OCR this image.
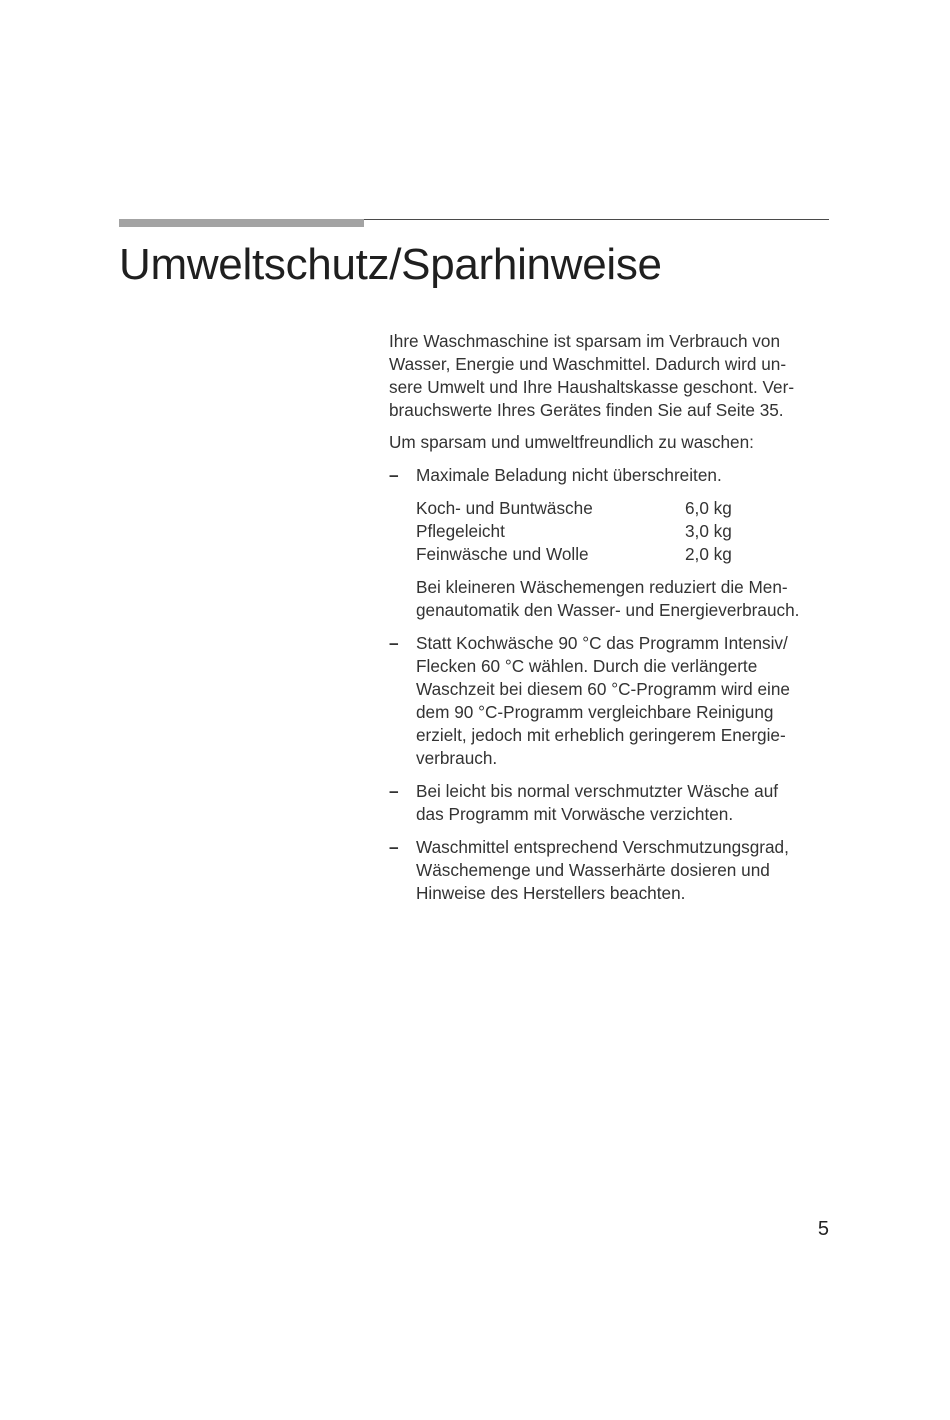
Umweltschutz/Sparhinweise

Ihre Waschmaschine ist sparsam im Verbrauch von
Wasser, Energie und Waschmittel. Dadurch wird un-
sere Umwelt und Ihre Haushaltskasse geschont. Ver-
brauchswerte Ihres Gerätes finden Sie auf Seite 35.

Um sparsam und umweltfreundlich zu waschen:

– Maximale Beladung nicht überschreiten.

Koch- und Buntwäsche	6,0 kg
Pflegeleicht	3,0 kg
Feinwäsche und Wolle	2,0 kg

Bei kleineren Wäschemengen reduziert die Men-
genautomatik den Wasser- und Energieverbrauch.

– Statt Kochwäsche 90 °C das Programm Intensiv/
Flecken 60 °C wählen. Durch die verlängerte
Waschzeit bei diesem 60 °C-Programm wird eine
dem 90 °C-Programm vergleichbare Reinigung
erzielt, jedoch mit erheblich geringerem Energie-
verbrauch.

– Bei leicht bis normal verschmutzter Wäsche auf
das Programm mit Vorwäsche verzichten.

– Waschmittel entsprechend Verschmutzungsgrad,
Wäschemenge und Wasserhärte dosieren und
Hinweise des Herstellers beachten.

5
